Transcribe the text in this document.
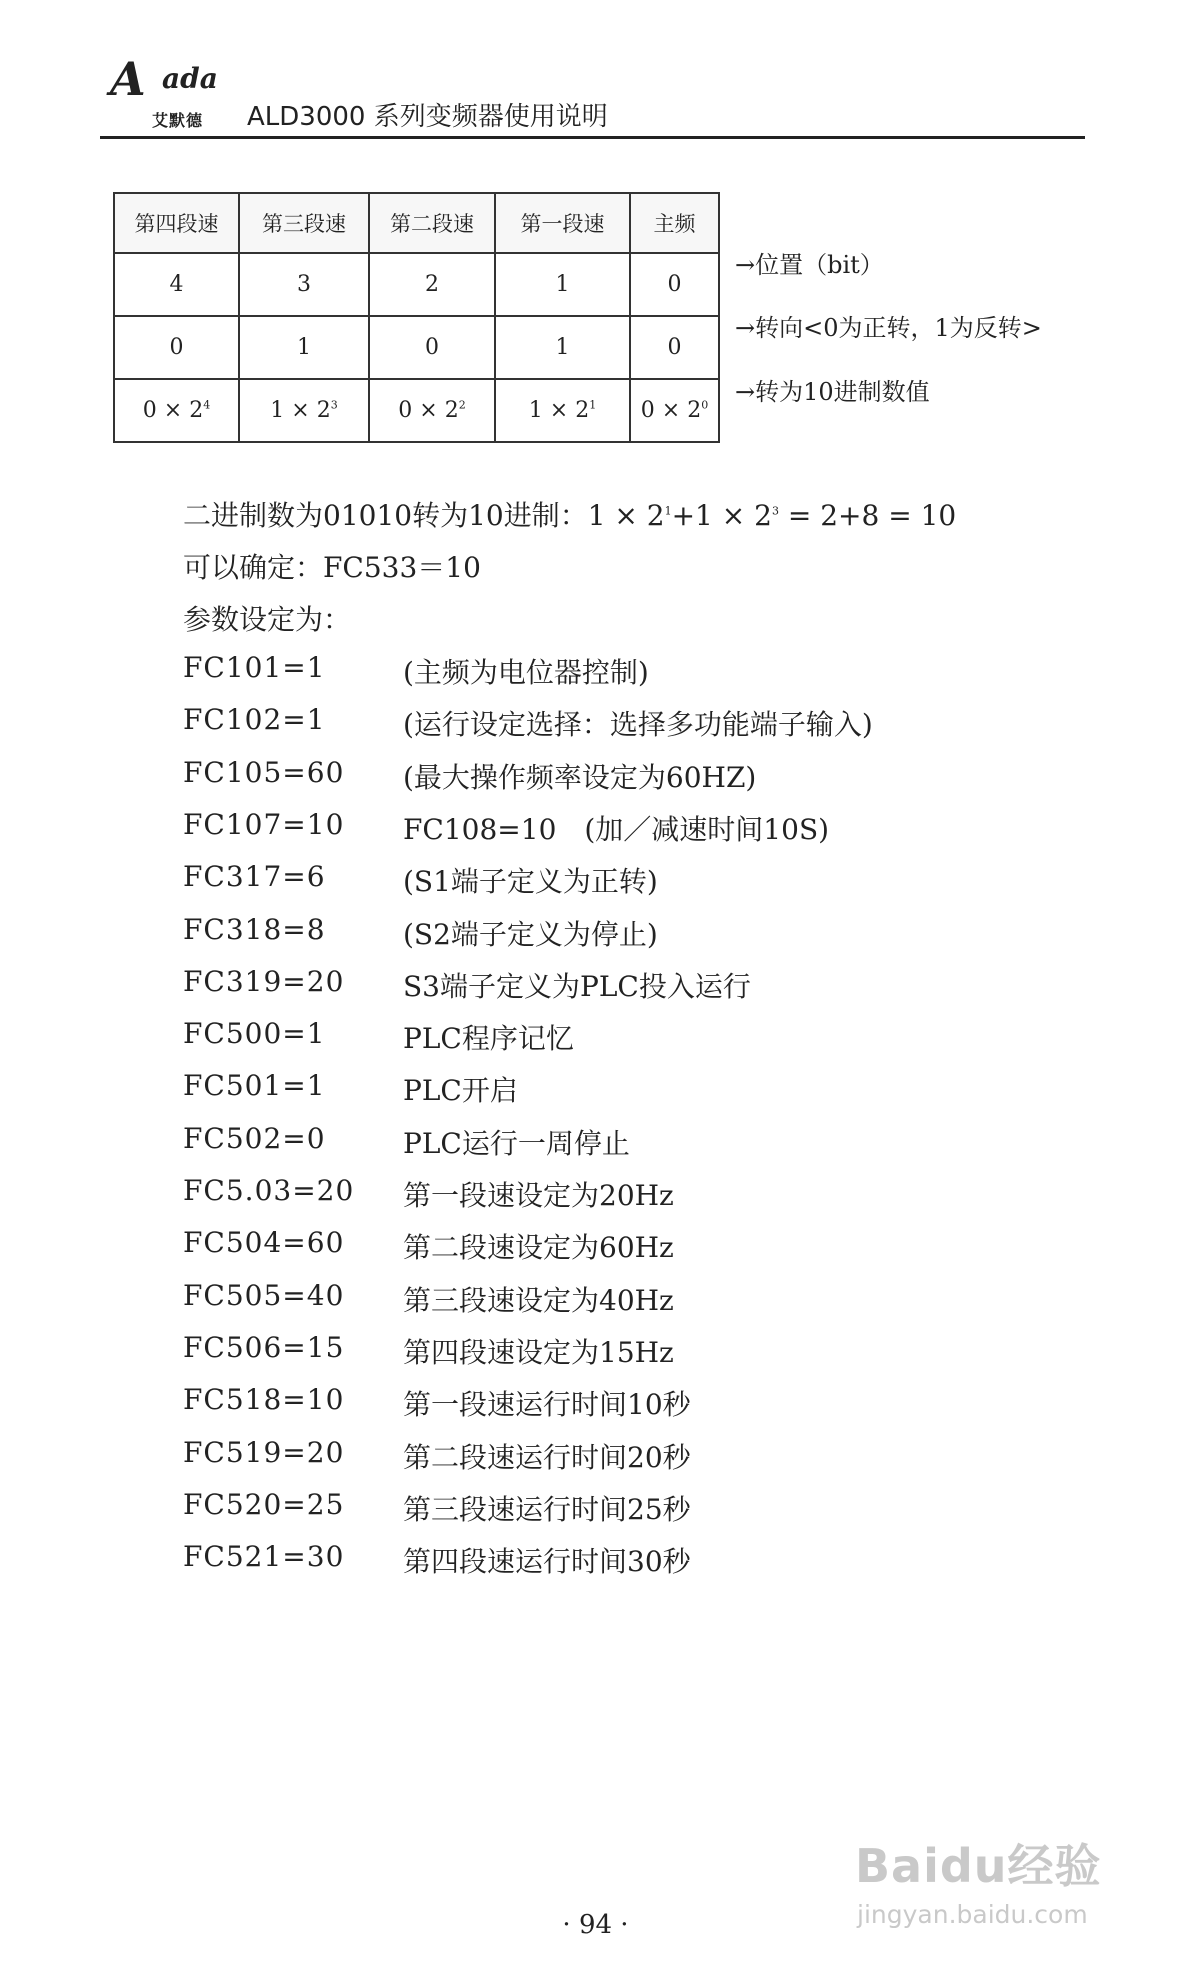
A ada
艾默德 ALD3000 系列变频器使用说明
第四段速	第三段速	第二段速	第一段速	主频
4	3	2	1	0
0	1	0	1	0
$0 \times 2^4$	$1 \times 2^3$	$0 \times 2^2$	$1 \times 2^1$	$0 \times 2^0$
→位置（bit）
→转向<0为正转，1为反转>
→转为10进制数值
二进制数为01010转为10进制：$1 \times 2^1+1 \times 2^3 = 2+8 = 10$
可以确定：FC533＝10
参数设定为：
FC101=1	(主频为电位器控制)
FC102=1	(运行设定选择：选择多功能端子输入)
FC105=60 (最大操作频率设定为60HZ)
FC107=10 FC108=10　(加／减速时间10S)
FC317=6	(S1端子定义为正转)
FC318=8	(S2端子定义为停止)
FC319=20 S3端子定义为PLC投入运行
FC500=1	PLC程序记忆
FC501=1	PLC开启
FC502=0	PLC运行一周停止
FC5.03=20 第一段速设定为20Hz
FC504=60 第二段速设定为60Hz
FC505=40 第三段速设定为40Hz
FC506=15 第四段速设定为15Hz
FC518=10 第一段速运行时间10秒
FC519=20 第二段速运行时间20秒
FC520=25 第三段速运行时间25秒
FC521=30 第四段速运行时间30秒
· 94 ·
Baidu经验
jingyan.baidu.com
